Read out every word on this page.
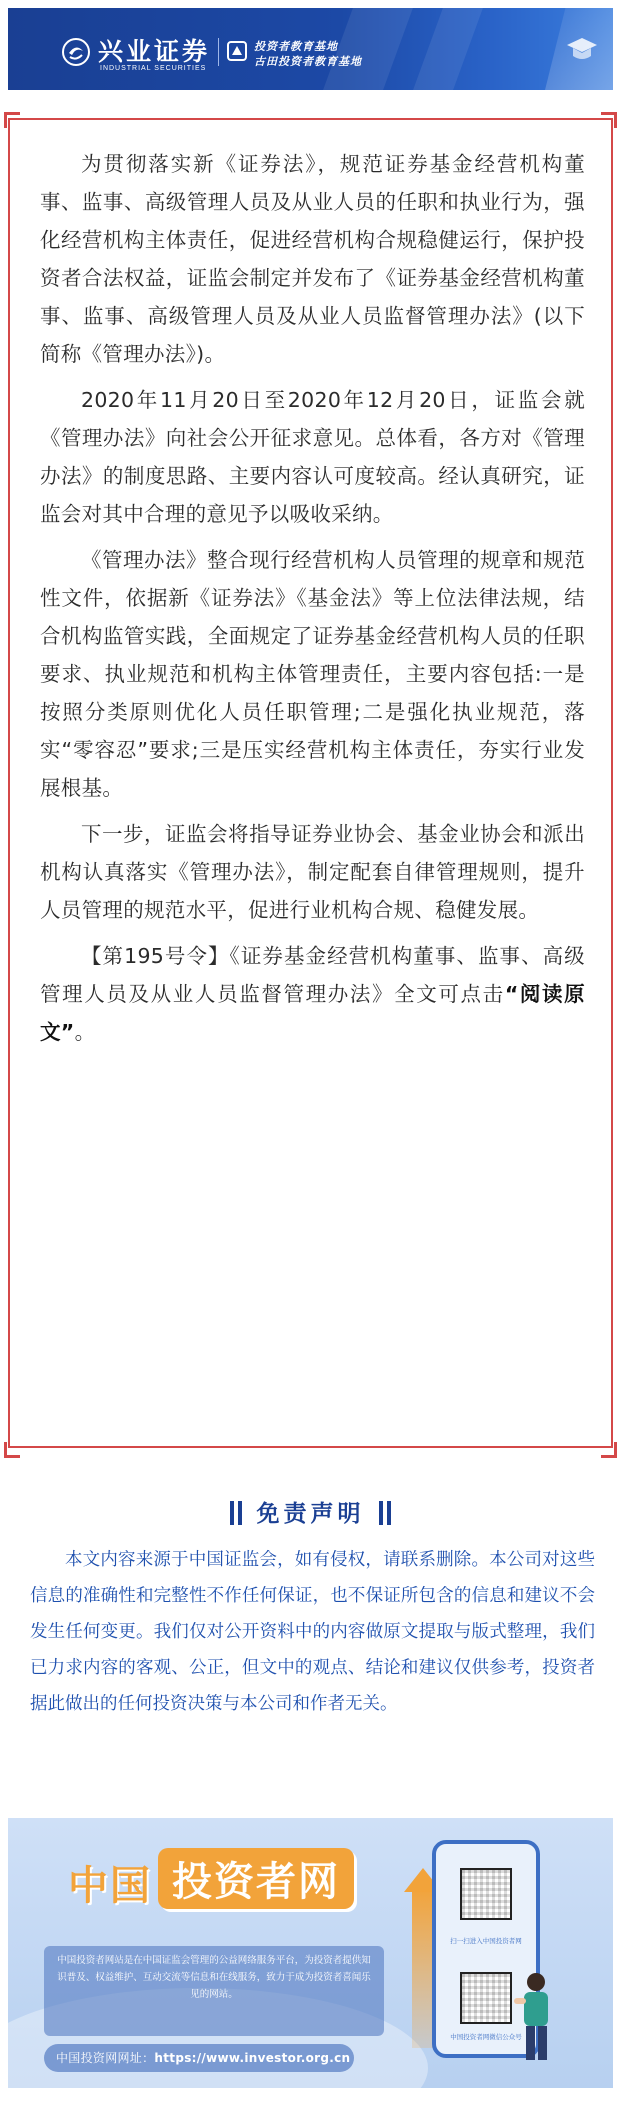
兴业证券
INDUSTRIAL SECURITIES
投资者教育基地
古田投资者教育基地

为贯彻落实新《证券法》，规范证券基金经营机构董事、监事、高级管理人员及从业人员的任职和执业行为，强化经营机构主体责任，促进经营机构合规稳健运行，保护投资者合法权益，证监会制定并发布了《证券基金经营机构董事、监事、高级管理人员及从业人员监督管理办法》(以下简称《管理办法》)。

2020年11月20日至2020年12月20日，证监会就《管理办法》向社会公开征求意见。总体看，各方对《管理办法》的制度思路、主要内容认可度较高。经认真研究，证监会对其中合理的意见予以吸收采纳。

《管理办法》整合现行经营机构人员管理的规章和规范性文件，依据新《证券法》《基金法》等上位法律法规，结合机构监管实践，全面规定了证券基金经营机构人员的任职要求、执业规范和机构主体管理责任，主要内容包括:一是按照分类原则优化人员任职管理;二是强化执业规范，落实“零容忍”要求;三是压实经营机构主体责任，夯实行业发展根基。

下一步，证监会将指导证券业协会、基金业协会和派出机构认真落实《管理办法》，制定配套自律管理规则，提升人员管理的规范水平，促进行业机构合规、稳健发展。

【第195号令】《证券基金经营机构董事、监事、高级管理人员及从业人员监督管理办法》全文可点击“阅读原文”。

免责声明

本文内容来源于中国证监会，如有侵权，请联系删除。本公司对这些信息的准确性和完整性不作任何保证，也不保证所包含的信息和建议不会发生任何变更。我们仅对公开资料中的内容做原文提取与版式整理，我们已力求内容的客观、公正，但文中的观点、结论和建议仅供参考，投资者据此做出的任何投资决策与本公司和作者无关。

中国 投资者网
中国投资者网站是在中国证监会管理的公益网络服务平台，为投资者提供知识普及、权益维护、互动交流等信息和在线服务，致力于成为投资者喜闻乐见的网站。
中国投资网网址：https://www.investor.org.cn
扫一扫进入中国投资者网
中国投资者网微信公众号
